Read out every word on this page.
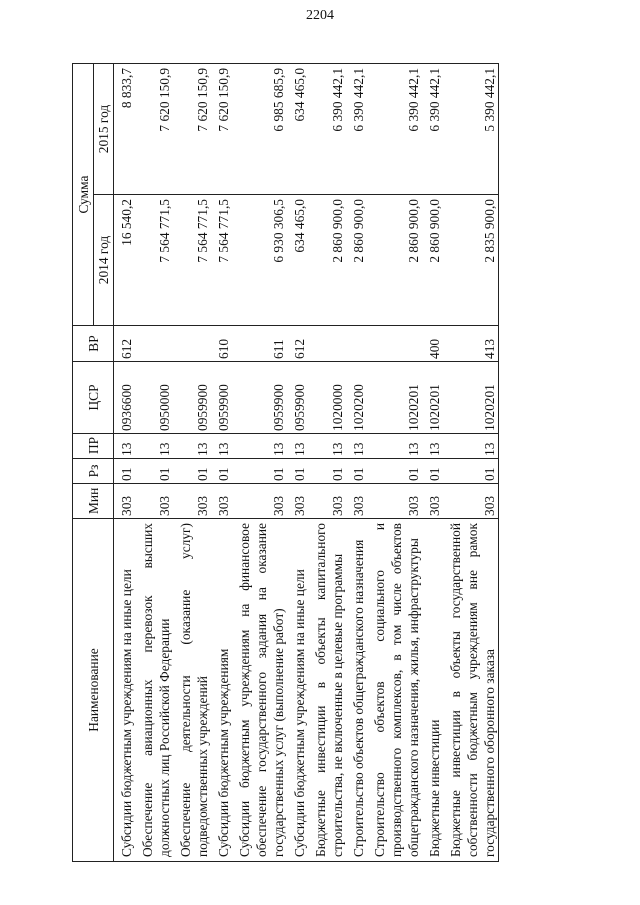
2204
Наименование	Мин	Рз	ПР	ЦСР	ВР	Сумма	
						2014 год	2015 год
Субсидии бюджетным учреждениям на иные цели	303	01	13	0936600	612	16 540,2	8 833,7
Обеспечение авиационных перевозок высших должностных лиц Российской Федерации	303	01	13	0950000		7 564 771,5	7 620 150,9
Обеспечение деятельности (оказание услуг) подведомственных учреждений	303	01	13	0959900		7 564 771,5	7 620 150,9
Субсидии бюджетным учреждениям	303	01	13	0959900	610	7 564 771,5	7 620 150,9
Субсидии бюджетным учреждениям на финансовое обеспечение государственного задания на оказание государственных услуг (выполнение работ)	303	01	13	0959900	611	6 930 306,5	6 985 685,9
Субсидии бюджетным учреждениям на иные цели	303	01	13	0959900	612	634 465,0	634 465,0
Бюджетные инвестиции в объекты капитального строительства, не включенные в целевые программы	303	01	13	1020000		2 860 900,0	6 390 442,1
Строительство объектов общегражданского назначения	303	01	13	1020200		2 860 900,0	6 390 442,1
Строительство объектов социального и производственного комплексов, в том числе объектов общегражданского назначения, жилья, инфраструктуры	303	01	13	1020201		2 860 900,0	6 390 442,1
Бюджетные инвестиции	303	01	13	1020201	400	2 860 900,0	6 390 442,1
Бюджетные инвестиции в объекты государственной собственности бюджетным учреждениям вне рамок государственного оборонного заказа	303	01	13	1020201	413	2 835 900,0	5 390 442,1
